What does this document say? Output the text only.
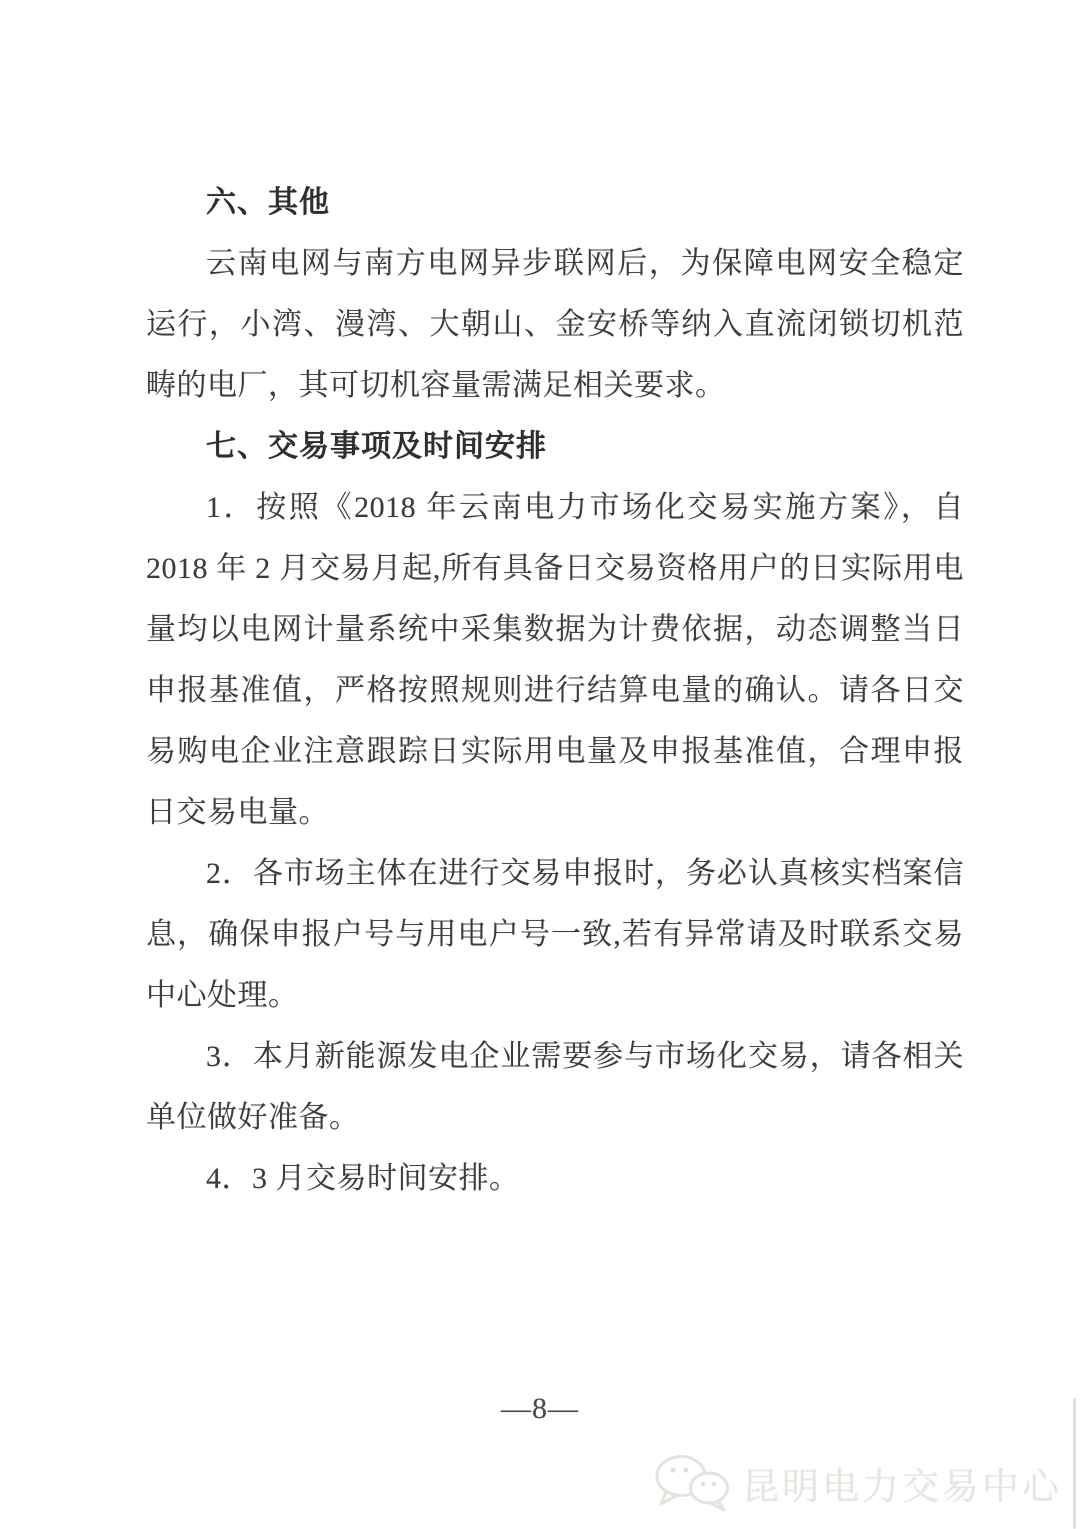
六、其他

云南电网与南方电网异步联网后，为保障电网安全稳定运行，小湾、漫湾、大朝山、金安桥等纳入直流闭锁切机范畴的电厂，其可切机容量需满足相关要求。

七、交易事项及时间安排

1．按照《2018 年云南电力市场化交易实施方案》，自 2018 年 2 月交易月起,所有具备日交易资格用户的日实际用电量均以电网计量系统中采集数据为计费依据，动态调整当日申报基准值，严格按照规则进行结算电量的确认。请各日交易购电企业注意跟踪日实际用电量及申报基准值，合理申报日交易电量。

2．各市场主体在进行交易申报时，务必认真核实档案信息，确保申报户号与用电户号一致,若有异常请及时联系交易中心处理。

3．本月新能源发电企业需要参与市场化交易，请各相关单位做好准备。

4．3 月交易时间安排。

—8—
昆明电力交易中心
